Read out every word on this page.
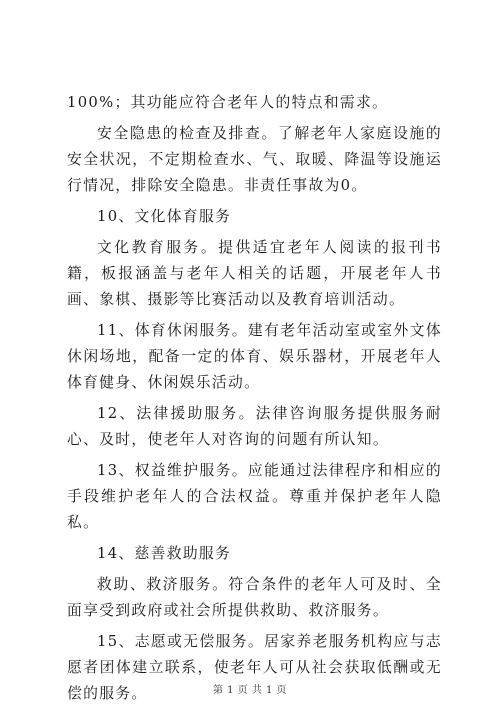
100%；其功能应符合老年人的特点和需求。

安全隐患的检查及排查。了解老年人家庭设施的安全状况，不定期检查水、气、取暖、降温等设施运行情况，排除安全隐患。非责任事故为0。

10、文化体育服务

文化教育服务。提供适宜老年人阅读的报刊书籍，板报涵盖与老年人相关的话题，开展老年人书画、象棋、摄影等比赛活动以及教育培训活动。

11、体育休闲服务。建有老年活动室或室外文体休闲场地，配备一定的体育、娱乐器材，开展老年人体育健身、休闲娱乐活动。

12、法律援助服务。法律咨询服务提供服务耐心、及时，使老年人对咨询的问题有所认知。

13、权益维护服务。应能通过法律程序和相应的手段维护老年人的合法权益。尊重并保护老年人隐私。

14、慈善救助服务

救助、救济服务。符合条件的老年人可及时、全面享受到政府或社会所提供救助、救济服务。

15、志愿或无偿服务。居家养老服务机构应与志愿者团体建立联系，使老年人可从社会获取低酬或无偿的服务。	第 1 页 共 1 页
